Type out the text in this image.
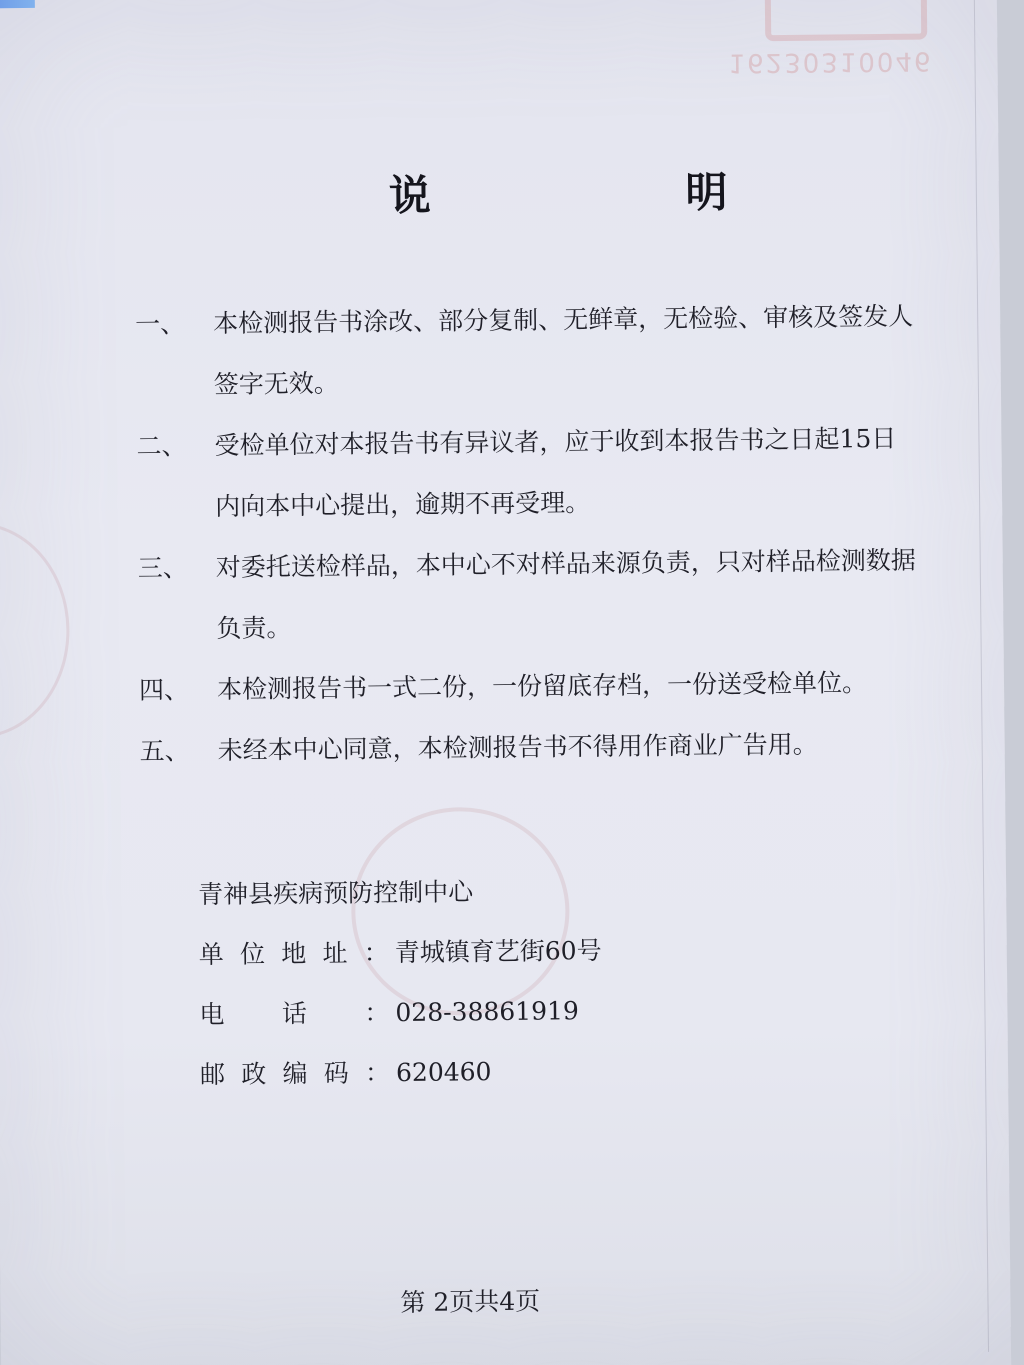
16230310046
说 明
一、 本检测报告书涂改、部分复制、无鲜章，无检验、审核及签发人签字无效。
二、 受检单位对本报告书有异议者，应于收到本报告书之日起15日内向本中心提出，逾期不再受理。
三、 对委托送检样品，本中心不对样品来源负责，只对样品检测数据负责。
四、 本检测报告书一式二份，一份留底存档，一份送受检单位。
五、 未经本中心同意，本检测报告书不得用作商业广告用。
青神县疾病预防控制中心
单位地址： 青城镇育艺街60号
电话： 028-38861919
邮政编码： 620460
第 2页共4页
